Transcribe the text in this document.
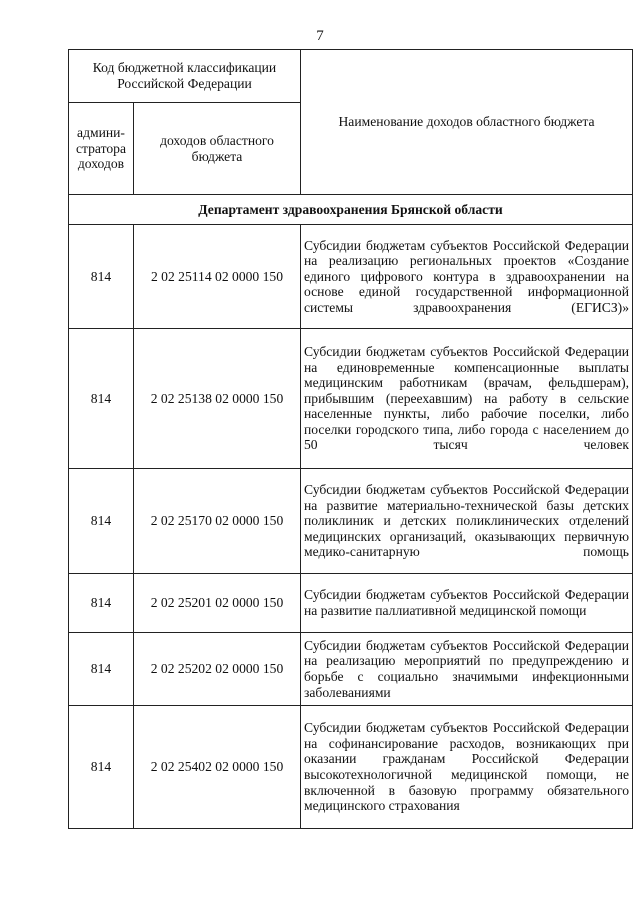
7
Код бюджетной классификации Российской Федерации		Наименование доходов областного бюджета
админи-стратора доходов	доходов областного бюджета	
Департамент здравоохранения Брянской области		
814	2 02 25114 02 0000 150	Субсидии бюджетам субъектов Российской Федерации на реализацию региональных проектов «Создание единого цифрового контура в здравоохранении на основе единой государственной информационной системы здравоохранения (ЕГИСЗ)»
814	2 02 25138 02 0000 150	Субсидии бюджетам субъектов Российской Федерации на единовременные компенсационные выплаты медицинским работникам (врачам, фельдшерам), прибывшим (переехавшим) на работу в сельские населенные пункты, либо рабочие поселки, либо поселки городского типа, либо города с населением до 50 тысяч человек
814	2 02 25170 02 0000 150	Субсидии бюджетам субъектов Российской Федерации на развитие материально-технической базы детских поликлиник и детских поликлинических отделений медицинских организаций, оказывающих первичную медико-санитарную помощь
814	2 02 25201 02 0000 150	Субсидии бюджетам субъектов Российской Федерации на развитие паллиативной медицинской помощи
814	2 02 25202 02 0000 150	Субсидии бюджетам субъектов Российской Федерации на реализацию мероприятий по предупреждению и борьбе с социально значимыми инфекционными заболеваниями
814	2 02 25402 02 0000 150	Субсидии бюджетам субъектов Российской Федерации на софинансирование расходов, возникающих при оказании гражданам Российской Федерации высокотехнологичной медицинской помощи, не включенной в базовую программу обязательного медицинского страхования
